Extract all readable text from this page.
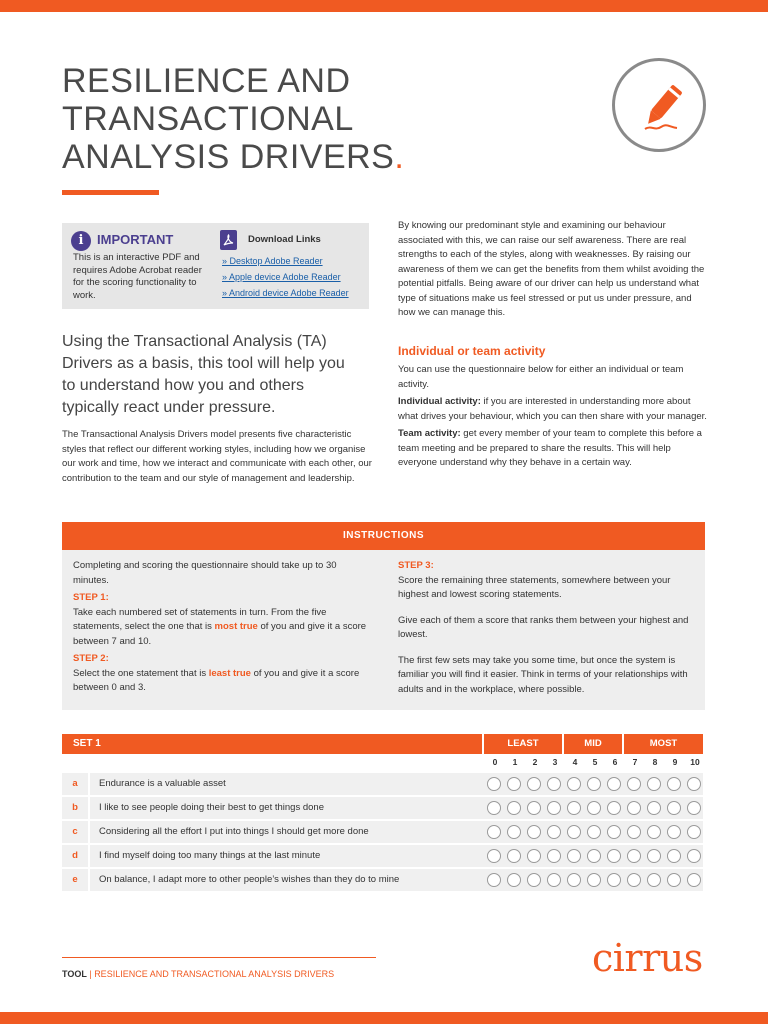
RESILIENCE AND
TRANSACTIONAL
ANALYSIS DRIVERS.
i	IMPORTANT
This is an interactive PDF and requires Adobe Acrobat reader for the scoring functionality to work.
Download Links
» Desktop Adobe Reader
» Apple device Adobe Reader
» Android device Adobe Reader

Using the Transactional Analysis (TA) Drivers as a basis, this tool will help you to understand how you and others typically react under pressure.

The Transactional Analysis Drivers model presents five characteristic styles that reflect our different working styles, including how we organise our work and time, how we interact and communicate with each other, our contribution to the team and our style of management and leadership.

By knowing our predominant style and examining our behaviour associated with this, we can raise our self awareness. There are real strengths to each of the styles, along with weaknesses. By raising our awareness of them we can get the benefits from them whilst avoiding the potential pitfalls. Being aware of our driver can help us understand what type of situations make us feel stressed or put us under pressure, and how we can manage this.

Individual or team activity

You can use the questionnaire below for either an individual or team activity.

Individual activity: if you are interested in understanding more about what drives your behaviour, which you can then share with your manager.

Team activity: get every member of your team to complete this before a team meeting and be prepared to share the results. This will help everyone understand why they behave in a certain way.

INSTRUCTIONS
Completing and scoring the questionnaire should take up to 30 minutes.
STEP 1:
Take each numbered set of statements in turn. From the five statements, select the one that is most true of you and give it a score between 7 and 10.
STEP 2:
Select the one statement that is least true of you and give it a score between 0 and 3.
STEP 3:

Score the remaining three statements, somewhere between your highest and lowest scoring statements.

Give each of them a score that ranks them between your highest and lowest.

The first few sets may take you some time, but once the system is familiar you will find it easier. Think in terms of your relationships with adults and in the workplace, where possible.

SET 1	LEAST	MID	MOST
0	1	2	3	4	5	6	7	8	9	10
a	Endurance is a valuable asset
b	I like to see people doing their best to get things done
c	Considering all the effort I put into things I should get more done
d	I find myself doing too many things at the last minute
e	On balance, I adapt more to other people’s wishes than they do to mine
TOOL | RESILIENCE AND TRANSACTIONAL ANALYSIS DRIVERS	cirrus
